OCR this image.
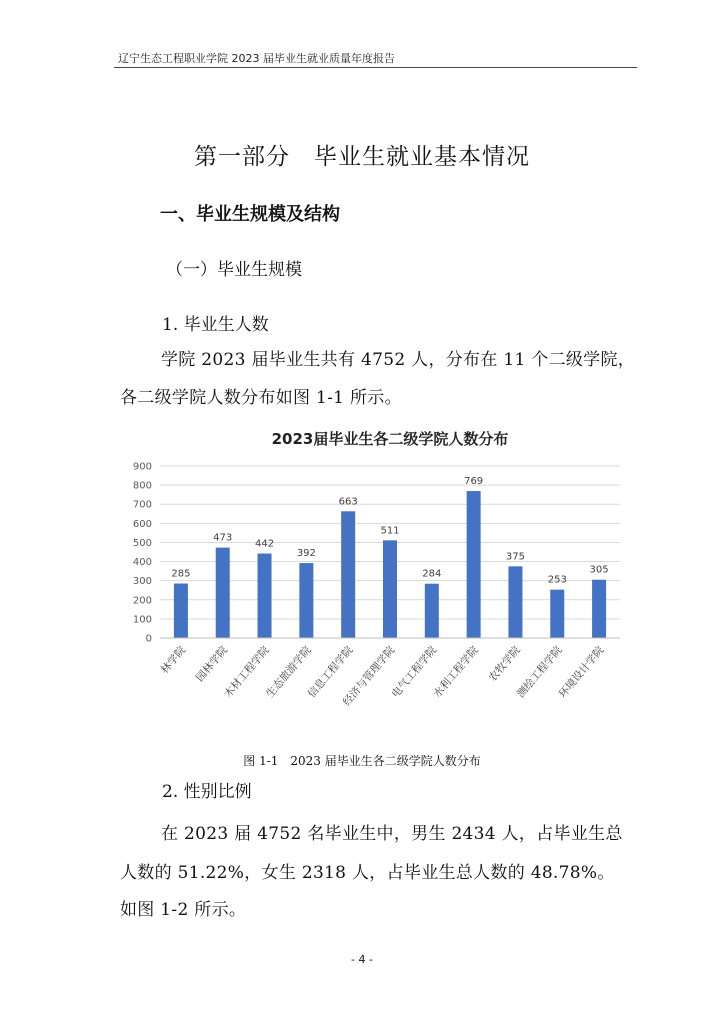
辽宁生态工程职业学院 2023 届毕业生就业质量年度报告
第一部分　毕业生就业基本情况
一、毕业生规模及结构
（一）毕业生规模
1. 毕业生人数
学院 2023 届毕业生共有 4752 人，分布在 11 个二级学院，
各二级学院人数分布如图 1-1 所示。
2023届毕业生各二级学院人数分布
0
100
200
300
400
500
600
700
800
900
285
林学院
473
园林学院
442
木材工程学院
392
生态旅游学院
663
信息工程学院
511
经济与管理学院
284
电气工程学院
769
水利工程学院
375
农牧学院
253
测绘工程学院
305
环境设计学院
图 1-1　2023 届毕业生各二级学院人数分布
2. 性别比例
在 2023 届 4752 名毕业生中，男生 2434 人，占毕业生总
人数的 51.22%，女生 2318 人，占毕业生总人数的 48.78%。
如图 1-2 所示。
- 4 -
